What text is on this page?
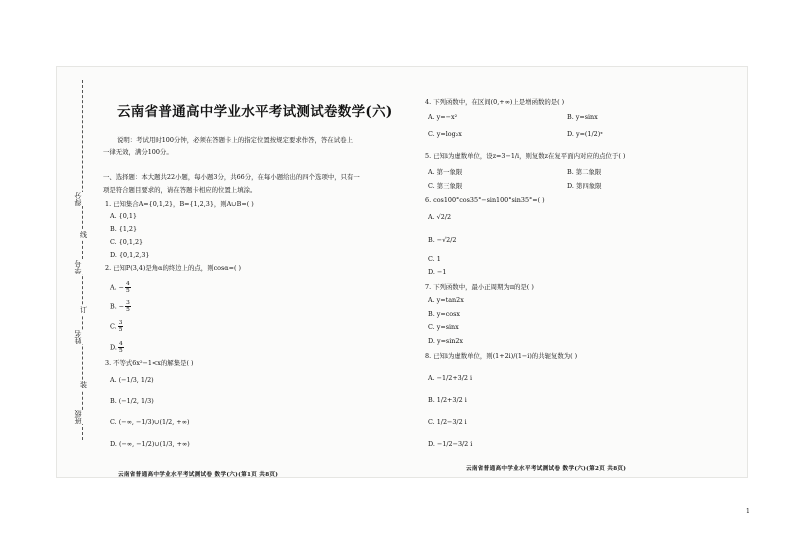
班级
姓名
学号
得分
装
订
线
云南省普通高中学业水平考试测试卷数学(六)
说明：考试用时100分钟，必须在答题卡上的指定位置按规定要求作答，答在试卷上
一律无效，满分100分。
一、选择题：本大题共22小题，每小题3分，共66分，在每小题给出的四个选项中，只有一
项是符合题目要求的，请在答题卡相应的位置上填涂。
1. 已知集合A={0,1,2}，B={1,2,3}，则A∪B=( )
A. {0,1}
B. {1,2}
C. {0,1,2}
D. {0,1,2,3}
2. 已知P(3,4)是角α的终边上的点，则cosα=( )
A. − $\frac{4}{5}$
B. − $\frac{3}{5}$
C. $\frac{3}{5}$
D. $\frac{4}{5}$
3. 不等式6x²−1<x的解集是( )
A. (−1/3, 1/2)
B. (−1/2, 1/3)
C. (−∞, −1/3)∪(1/2, +∞)
D. (−∞, −1/2)∪(1/3, +∞)
云南省普通高中学业水平考试测试卷 数学(六)(第1页 共8页)
4. 下列函数中，在区间(0,+∞)上是增函数的是( )
A. y=−x²	B. y=sinx
C. y=log₂x	D. y=(1/2)ˣ
5. 已知i为虚数单位，设z=3−1/i，则复数z在复平面内对应的点位于( )
A. 第一象限	B. 第二象限
C. 第三象限	D. 第四象限
6. cos100°cos35°−sin100°sin35°=( )
A. √2/2
B. −√2/2
C. 1
D. −1
7. 下列函数中，最小正周期为π的是( )
A. y=tan2x
B. y=cosx
C. y=sinx
D. y=sin2x
8. 已知i为虚数单位，则(1+2i)/(1−i)的共轭复数为( )
A. −1/2+3/2 i
B. 1/2+3/2 i
C. 1/2−3/2 i
D. −1/2−3/2 i
云南省普通高中学业水平考试测试卷 数学(六)(第2页 共8页)
1
